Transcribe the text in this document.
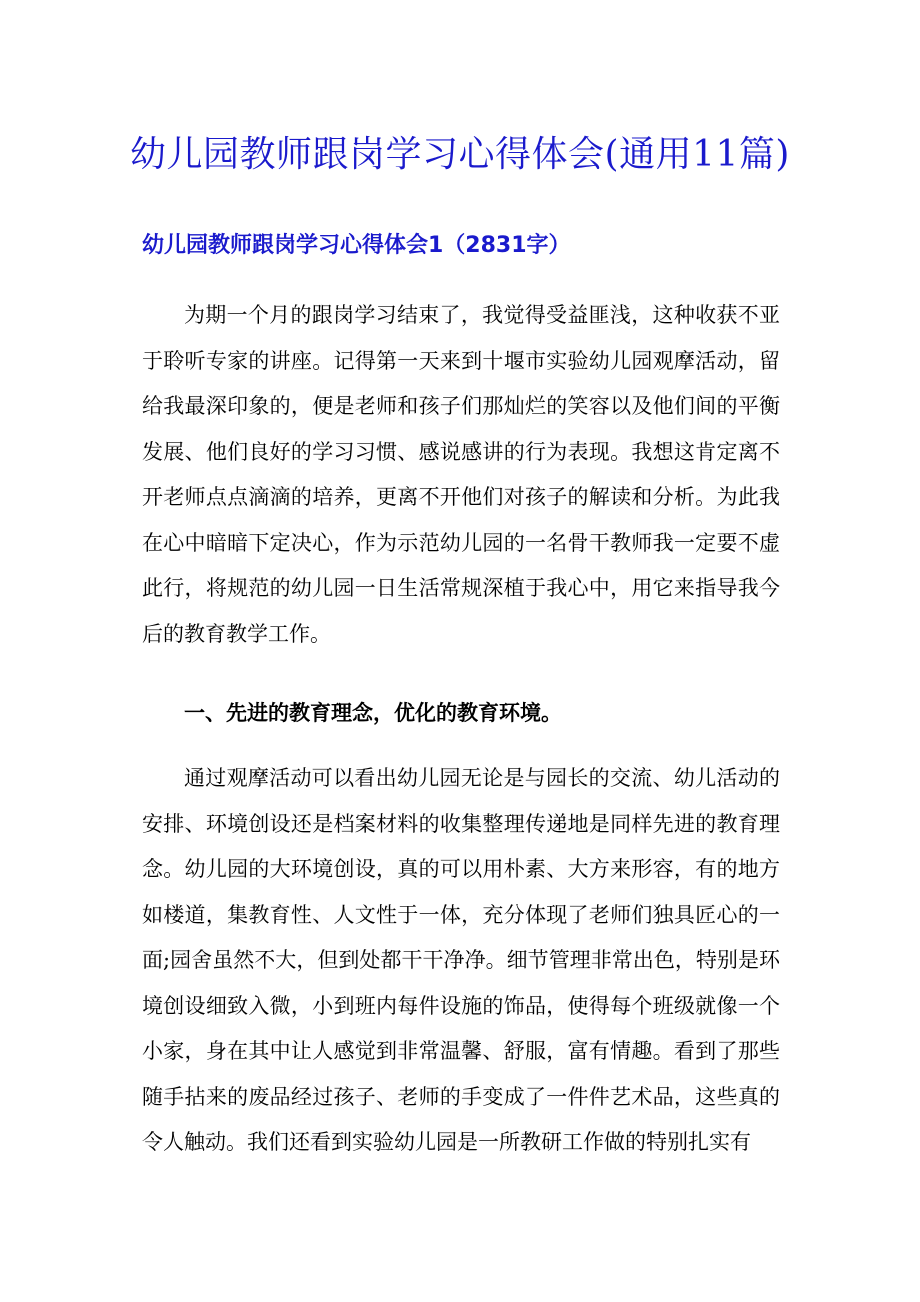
幼儿园教师跟岗学习心得体会(通用11篇)
幼儿园教师跟岗学习心得体会1（2831字）

为期一个月的跟岗学习结束了，我觉得受益匪浅，这种收获不亚于聆听专家的讲座。记得第一天来到十堰市实验幼儿园观摩活动，留给我最深印象的，便是老师和孩子们那灿烂的笑容以及他们间的平衡发展、他们良好的学习习惯、感说感讲的行为表现。我想这肯定离不开老师点点滴滴的培养，更离不开他们对孩子的解读和分析。为此我在心中暗暗下定决心，作为示范幼儿园的一名骨干教师我一定要不虚此行，将规范的幼儿园一日生活常规深植于我心中，用它来指导我今后的教育教学工作。

一、先进的教育理念，优化的教育环境。

通过观摩活动可以看出幼儿园无论是与园长的交流、幼儿活动的安排、环境创设还是档案材料的收集整理传递地是同样先进的教育理念。幼儿园的大环境创设，真的可以用朴素、大方来形容，有的地方如楼道，集教育性、人文性于一体，充分体现了老师们独具匠心的一面;园舍虽然不大，但到处都干干净净。细节管理非常出色，特别是环境创设细致入微，小到班内每件设施的饰品，使得每个班级就像一个小家，身在其中让人感觉到非常温馨、舒服，富有情趣。看到了那些随手拈来的废品经过孩子、老师的手变成了一件件艺术品，这些真的令人触动。我们还看到实验幼儿园是一所教研工作做的特别扎实有
